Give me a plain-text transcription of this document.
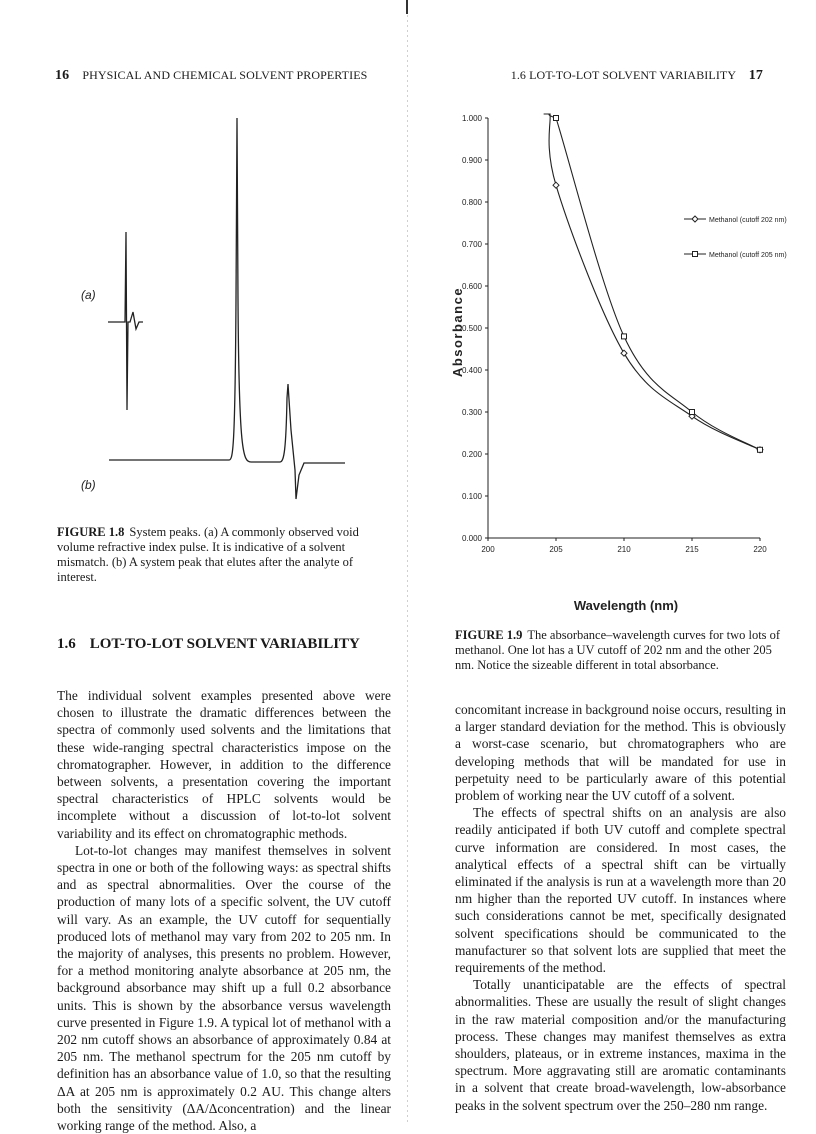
16 PHYSICAL AND CHEMICAL SOLVENT PROPERTIES	1.6 LOT-TO-LOT SOLVENT VARIABILITY 17
(a)
(b)
FIGURE 1.8 System peaks. (a) A commonly observed void volume refractive index pulse. It is indicative of a solvent mismatch. (b) A system peak that elutes after the analyte of interest.
1.6 LOT-TO-LOT SOLVENT VARIABILITY

The individual solvent examples presented above were chosen to illustrate the dramatic differences between the spectra of commonly used solvents and the limitations that these wide-ranging spectral characteristics impose on the chromatographer. However, in addition to the difference between solvents, a presentation covering the important spectral characteristics of HPLC solvents would be incomplete without a discussion of lot-to-lot solvent variability and its effect on chromatographic methods.

Lot-to-lot changes may manifest themselves in solvent spectra in one or both of the following ways: as spectral shifts and as spectral abnormalities. Over the course of the production of many lots of a specific solvent, the UV cutoff will vary. As an example, the UV cutoff for sequentially produced lots of methanol may vary from 202 to 205 nm. In the majority of analyses, this presents no problem. However, for a method monitoring analyte absorbance at 205 nm, the background absorbance may shift up a full 0.2 absorbance units. This is shown by the absorbance versus wavelength curve presented in Figure 1.9. A typical lot of methanol with a 202 nm cutoff shows an absorbance of approximately 0.84 at 205 nm. The methanol spectrum for the 205 nm cutoff by definition has an absorbance value of 1.0, so that the resulting ΔA at 205 nm is approximately 0.2 AU. This change alters both the sensitivity (ΔA/Δconcentration) and the linear working range of the method. Also, a

0.000
0.100
0.200
0.300
0.400
0.500
0.600
0.700
0.800
0.900
1.000
200	205	210	215	220
Methanol (cutoff 202 nm)
Methanol (cutoff 205 nm)
Absorbance
Wavelength (nm)
FIGURE 1.9 The absorbance–wavelength curves for two lots of methanol. One lot has a UV cutoff of 202 nm and the other 205 nm. Notice the sizeable different in total absorbance.

concomitant increase in background noise occurs, resulting in a larger standard deviation for the method. This is obviously a worst-case scenario, but chromatographers who are developing methods that will be mandated for use in perpetuity need to be particularly aware of this potential problem of working near the UV cutoff of a solvent.

The effects of spectral shifts on an analysis are also readily anticipated if both UV cutoff and complete spectral curve information are considered. In most cases, the analytical effects of a spectral shift can be virtually eliminated if the analysis is run at a wavelength more than 20 nm higher than the reported UV cutoff. In instances where such considerations cannot be met, specifically designated solvent specifications should be communicated to the manufacturer so that solvent lots are supplied that meet the requirements of the method.

Totally unanticipatable are the effects of spectral abnormalities. These are usually the result of slight changes in the raw material composition and/or the manufacturing process. These changes may manifest themselves as extra shoulders, plateaus, or in extreme instances, maxima in the spectrum. More aggravating still are aromatic contaminants in a solvent that create broad-wavelength, low-absorbance peaks in the solvent spectrum over the 250–280 nm range.
